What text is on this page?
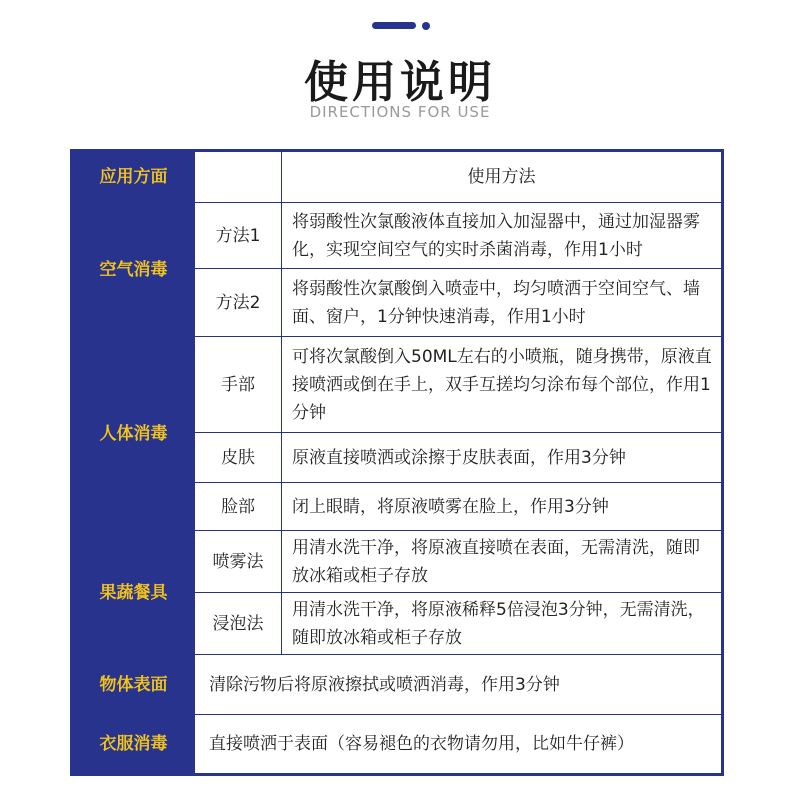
使用说明
DIRECTIONS FOR USE
应用方面		使用方法
空气消毒	方法1	将弱酸性次氯酸液体直接加入加湿器中，通过加湿器雾化，实现空间空气的实时杀菌消毒，作用1小时
	方法2	将弱酸性次氯酸倒入喷壶中，均匀喷洒于空间空气、墙面、窗户，1分钟快速消毒，作用1小时
人体消毒	手部	可将次氯酸倒入50ML左右的小喷瓶，随身携带，原液直接喷洒或倒在手上，双手互搓均匀涂布每个部位，作用1分钟
	皮肤	原液直接喷洒或涂擦于皮肤表面，作用3分钟
	脸部	闭上眼睛，将原液喷雾在脸上，作用3分钟
果蔬餐具	喷雾法	用清水洗干净，将原液直接喷在表面，无需清洗，随即放冰箱或柜子存放
	浸泡法	用清水洗干净，将原液稀释5倍浸泡3分钟，无需清洗，随即放冰箱或柜子存放
物体表面	清除污物后将原液擦拭或喷洒消毒，作用3分钟	
衣服消毒	直接喷洒于表面（容易褪色的衣物请勿用，比如牛仔裤）	
